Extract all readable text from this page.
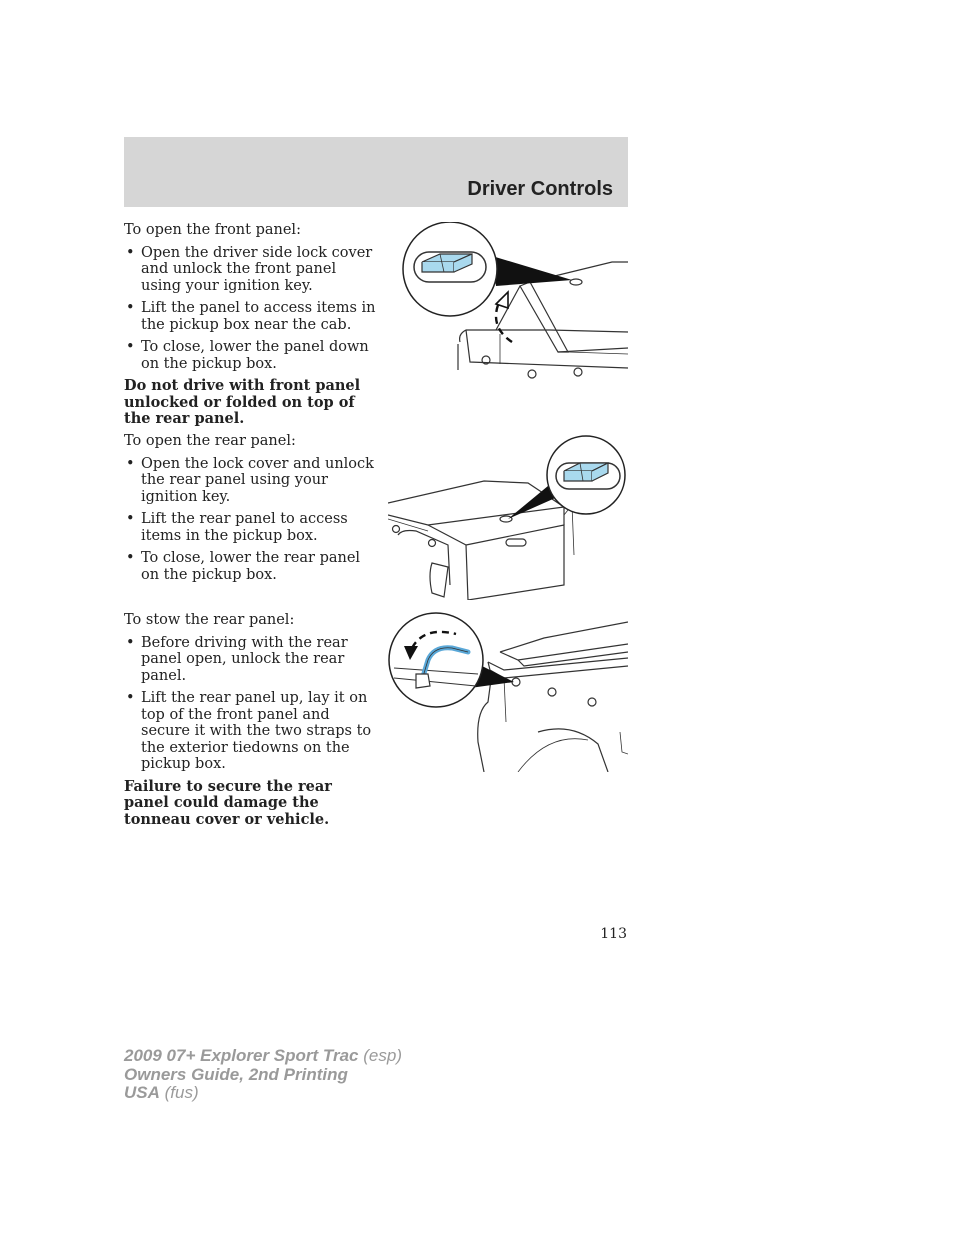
Driver Controls

To open the front panel:

• Open the driver side lock cover and unlock the front panel using your ignition key.
• Lift the panel to access items in the pickup box near the cab.
• To close, lower the panel down on the pickup box.

Do not drive with front panel unlocked or folded on top of the rear panel.

To open the rear panel:

• Open the lock cover and unlock the rear panel using your ignition key.
• Lift the rear panel to access items in the pickup box.
• To close, lower the rear panel on the pickup box.

To stow the rear panel:

• Before driving with the rear panel open, unlock the rear panel.
• Lift the rear panel up, lay it on top of the front panel and secure it with the two straps to the exterior tiedowns on the pickup box.

Failure to secure the rear panel could damage the tonneau cover or vehicle.

113
2009 07+ Explorer Sport Trac (esp)
Owners Guide, 2nd Printing
USA (fus)
